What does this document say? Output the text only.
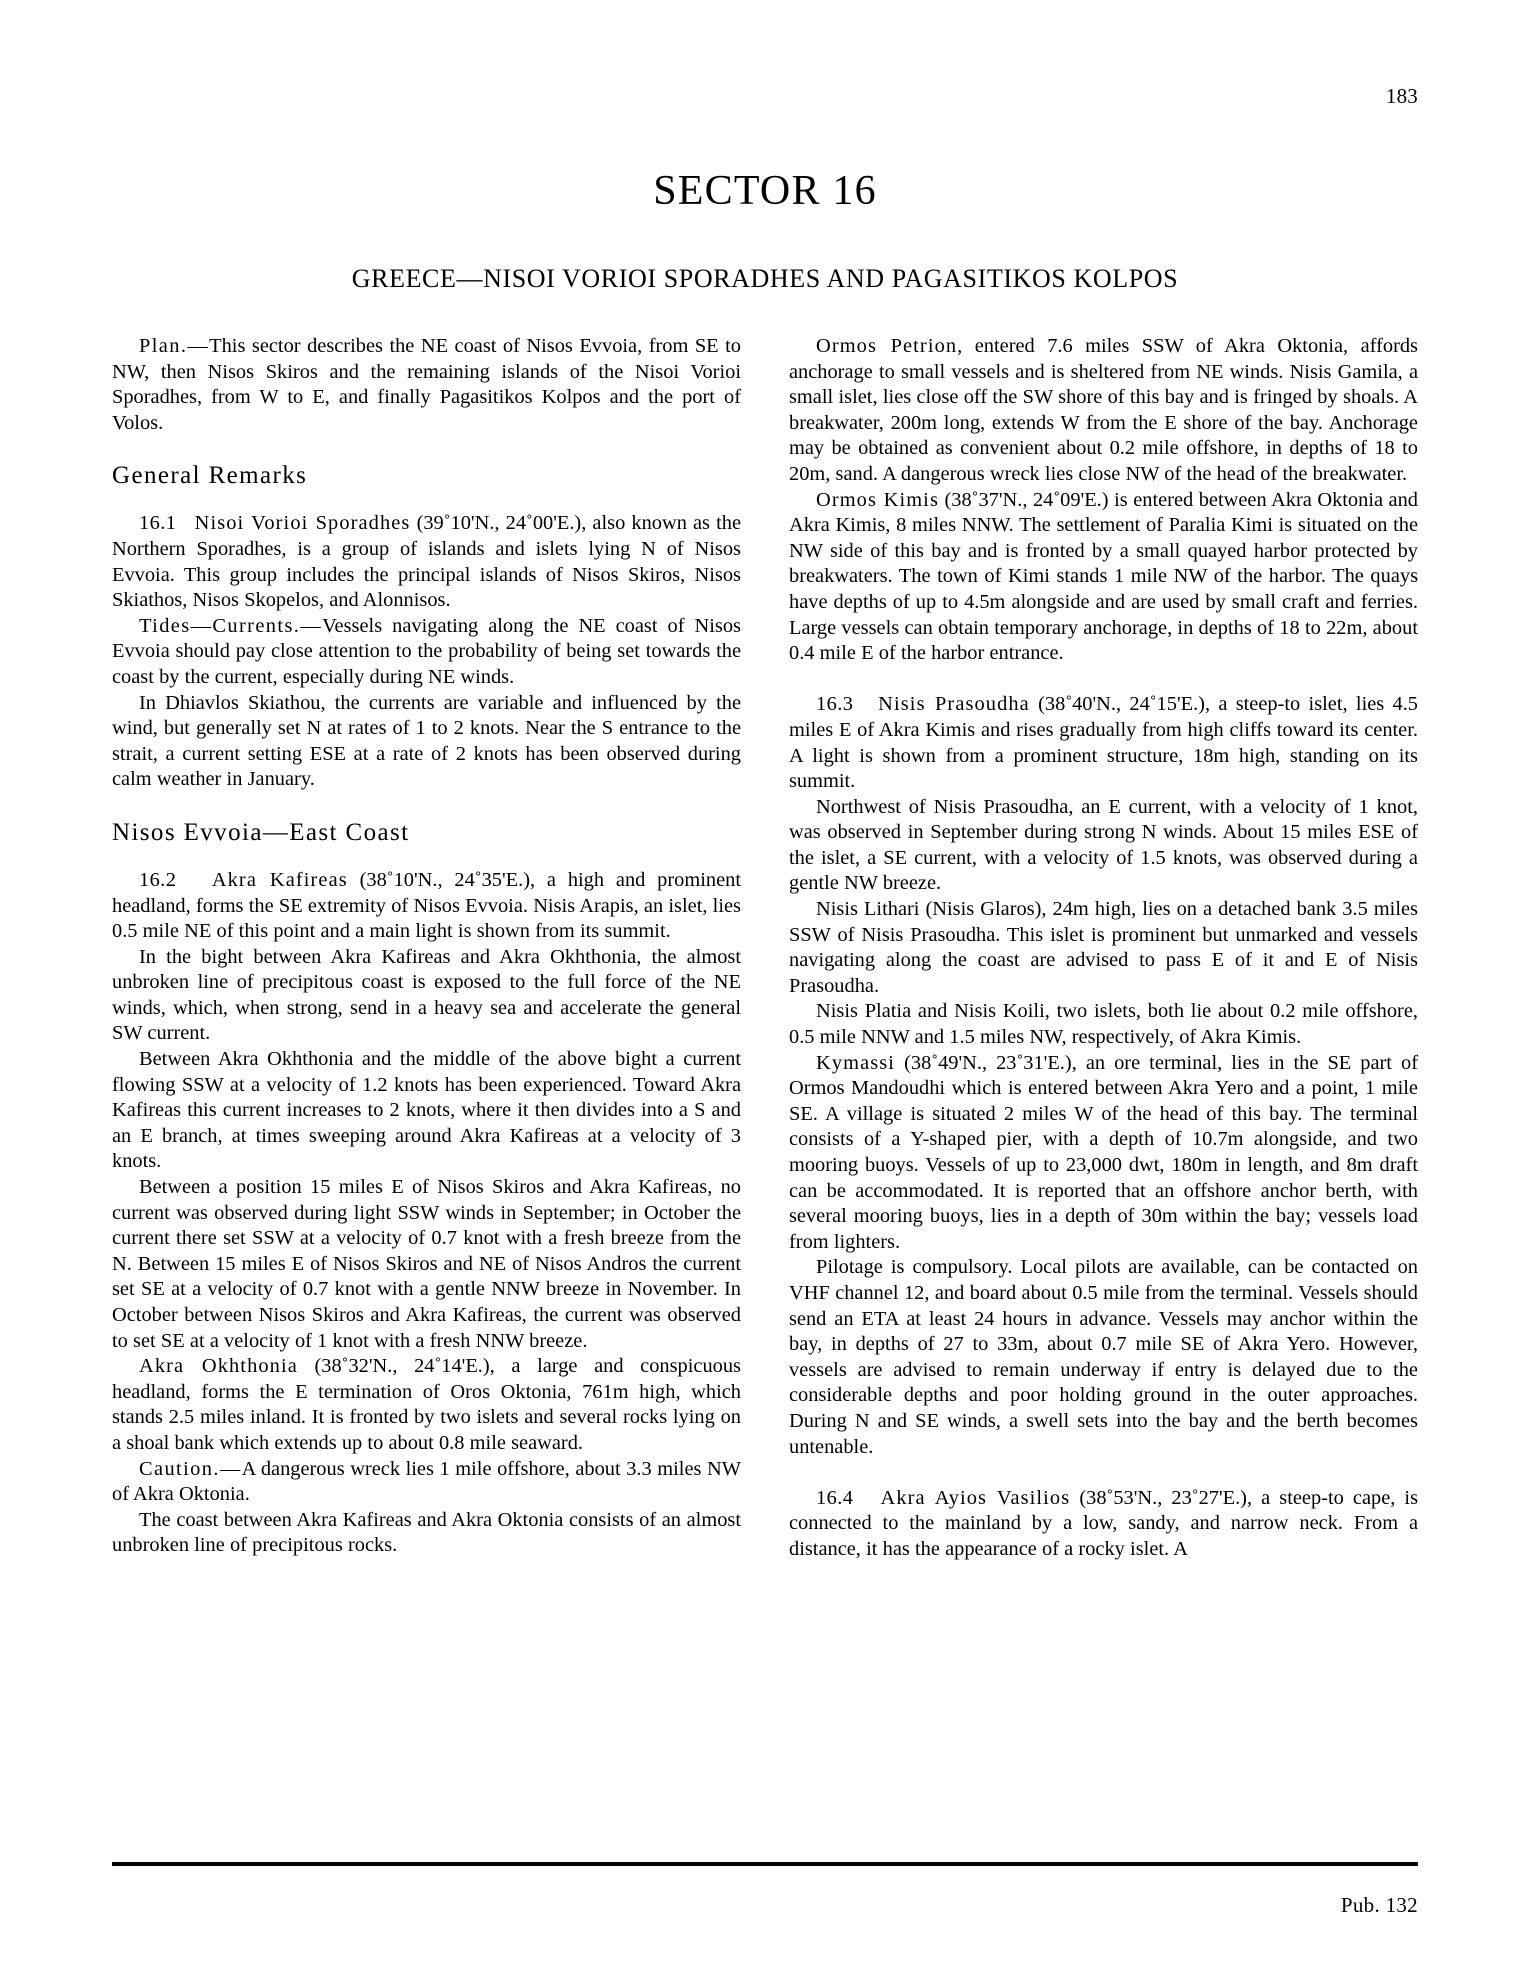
183
SECTOR 16
GREECE—NISOI VORIOI SPORADHES AND PAGASITIKOS KOLPOS

Plan.—This sector describes the NE coast of Nisos Evvoia, from SE to NW, then Nisos Skiros and the remaining islands of the Nisoi Vorioi Sporadhes, from W to E, and finally Pagasitikos Kolpos and the port of Volos.

General Remarks

16.1 Nisoi Vorioi Sporadhes (39˚10'N., 24˚00'E.), also known as the Northern Sporadhes, is a group of islands and islets lying N of Nisos Evvoia. This group includes the principal islands of Nisos Skiros, Nisos Skiathos, Nisos Skopelos, and Alonnisos.

Tides—Currents.—Vessels navigating along the NE coast of Nisos Evvoia should pay close attention to the probability of being set towards the coast by the current, especially during NE winds.

In Dhiavlos Skiathou, the currents are variable and influenced by the wind, but generally set N at rates of 1 to 2 knots. Near the S entrance to the strait, a current setting ESE at a rate of 2 knots has been observed during calm weather in January.

Nisos Evvoia—East Coast

16.2 Akra Kafireas (38˚10'N., 24˚35'E.), a high and prominent headland, forms the SE extremity of Nisos Evvoia. Nisis Arapis, an islet, lies 0.5 mile NE of this point and a main light is shown from its summit.

In the bight between Akra Kafireas and Akra Okhthonia, the almost unbroken line of precipitous coast is exposed to the full force of the NE winds, which, when strong, send in a heavy sea and accelerate the general SW current.

Between Akra Okhthonia and the middle of the above bight a current flowing SSW at a velocity of 1.2 knots has been experienced. Toward Akra Kafireas this current increases to 2 knots, where it then divides into a S and an E branch, at times sweeping around Akra Kafireas at a velocity of 3 knots.

Between a position 15 miles E of Nisos Skiros and Akra Kafireas, no current was observed during light SSW winds in September; in October the current there set SSW at a velocity of 0.7 knot with a fresh breeze from the N. Between 15 miles E of Nisos Skiros and NE of Nisos Andros the current set SE at a velocity of 0.7 knot with a gentle NNW breeze in November. In October between Nisos Skiros and Akra Kafireas, the current was observed to set SE at a velocity of 1 knot with a fresh NNW breeze.

Akra Okhthonia (38˚32'N., 24˚14'E.), a large and conspicuous headland, forms the E termination of Oros Oktonia, 761m high, which stands 2.5 miles inland. It is fronted by two islets and several rocks lying on a shoal bank which extends up to about 0.8 mile seaward.

Caution.—A dangerous wreck lies 1 mile offshore, about 3.3 miles NW of Akra Oktonia.

The coast between Akra Kafireas and Akra Oktonia consists of an almost unbroken line of precipitous rocks.

Ormos Petrion, entered 7.6 miles SSW of Akra Oktonia, affords anchorage to small vessels and is sheltered from NE winds. Nisis Gamila, a small islet, lies close off the SW shore of this bay and is fringed by shoals. A breakwater, 200m long, extends W from the E shore of the bay. Anchorage may be obtained as convenient about 0.2 mile offshore, in depths of 18 to 20m, sand. A dangerous wreck lies close NW of the head of the breakwater.

Ormos Kimis (38˚37'N., 24˚09'E.) is entered between Akra Oktonia and Akra Kimis, 8 miles NNW. The settlement of Paralia Kimi is situated on the NW side of this bay and is fronted by a small quayed harbor protected by breakwaters. The town of Kimi stands 1 mile NW of the harbor. The quays have depths of up to 4.5m alongside and are used by small craft and ferries. Large vessels can obtain temporary anchorage, in depths of 18 to 22m, about 0.4 mile E of the harbor entrance.

16.3 Nisis Prasoudha (38˚40'N., 24˚15'E.), a steep-to islet, lies 4.5 miles E of Akra Kimis and rises gradually from high cliffs toward its center. A light is shown from a prominent structure, 18m high, standing on its summit.

Northwest of Nisis Prasoudha, an E current, with a velocity of 1 knot, was observed in September during strong N winds. About 15 miles ESE of the islet, a SE current, with a velocity of 1.5 knots, was observed during a gentle NW breeze.

Nisis Lithari (Nisis Glaros), 24m high, lies on a detached bank 3.5 miles SSW of Nisis Prasoudha. This islet is prominent but unmarked and vessels navigating along the coast are advised to pass E of it and E of Nisis Prasoudha.

Nisis Platia and Nisis Koili, two islets, both lie about 0.2 mile offshore, 0.5 mile NNW and 1.5 miles NW, respectively, of Akra Kimis.

Kymassi (38˚49'N., 23˚31'E.), an ore terminal, lies in the SE part of Ormos Mandoudhi which is entered between Akra Yero and a point, 1 mile SE. A village is situated 2 miles W of the head of this bay. The terminal consists of a Y-shaped pier, with a depth of 10.7m alongside, and two mooring buoys. Vessels of up to 23,000 dwt, 180m in length, and 8m draft can be accommodated. It is reported that an offshore anchor berth, with several mooring buoys, lies in a depth of 30m within the bay; vessels load from lighters.

Pilotage is compulsory. Local pilots are available, can be contacted on VHF channel 12, and board about 0.5 mile from the terminal. Vessels should send an ETA at least 24 hours in advance. Vessels may anchor within the bay, in depths of 27 to 33m, about 0.7 mile SE of Akra Yero. However, vessels are advised to remain underway if entry is delayed due to the considerable depths and poor holding ground in the outer approaches. During N and SE winds, a swell sets into the bay and the berth becomes untenable.

16.4 Akra Ayios Vasilios (38˚53'N., 23˚27'E.), a steep-to cape, is connected to the mainland by a low, sandy, and narrow neck. From a distance, it has the appearance of a rocky islet. A

Pub. 132
